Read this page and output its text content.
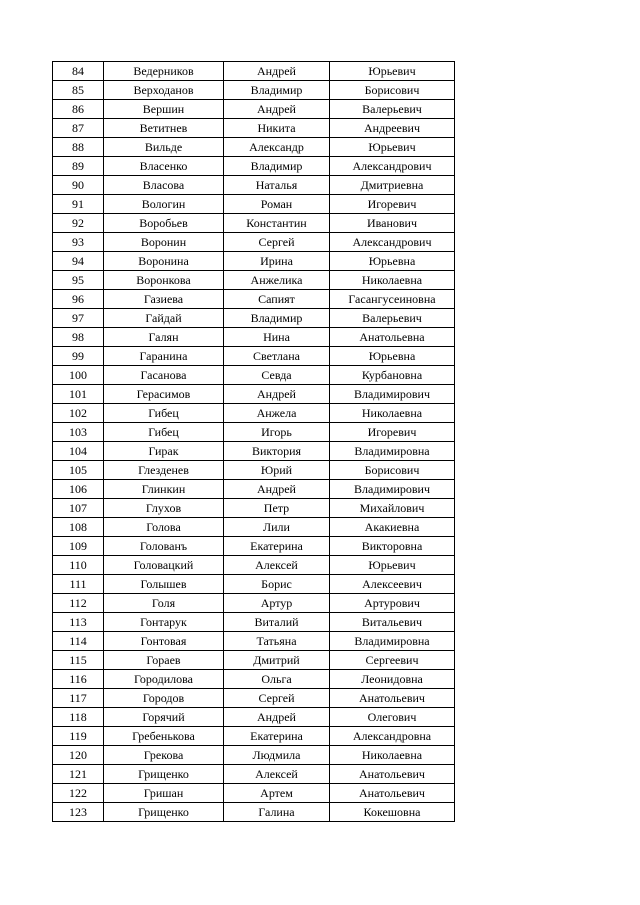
84	Ведерников	Андрей	Юрьевич
85	Верходанов	Владимир	Борисович
86	Вершин	Андрей	Валерьевич
87	Ветитнев	Никита	Андреевич
88	Вильде	Александр	Юрьевич
89	Власенко	Владимир	Александрович
90	Власова	Наталья	Дмитриевна
91	Вологин	Роман	Игоревич
92	Воробьев	Константин	Иванович
93	Воронин	Сергей	Александрович
94	Воронина	Ирина	Юрьевна
95	Воронкова	Анжелика	Николаевна
96	Газиева	Сапият	Гасангусеиновна
97	Гайдай	Владимир	Валерьевич
98	Галян	Нина	Анатольевна
99	Гаранина	Светлана	Юрьевна
100	Гасанова	Севда	Курбановна
101	Герасимов	Андрей	Владимирович
102	Гибец	Анжела	Николаевна
103	Гибец	Игорь	Игоревич
104	Гирак	Виктория	Владимировна
105	Глезденев	Юрий	Борисович
106	Глинкин	Андрей	Владимирович
107	Глухов	Петр	Михайлович
108	Голова	Лили	Акакиевна
109	Голованъ	Екатерина	Викторовна
110	Головацкий	Алексей	Юрьевич
111	Голышев	Борис	Алексеевич
112	Голя	Артур	Артурович
113	Гонтарук	Виталий	Витальевич
114	Гонтовая	Татьяна	Владимировна
115	Гораев	Дмитрий	Сергеевич
116	Городилова	Ольга	Леонидовна
117	Городов	Сергей	Анатольевич
118	Горячий	Андрей	Олегович
119	Гребенькова	Екатерина	Александровна
120	Грекова	Людмила	Николаевна
121	Грищенко	Алексей	Анатольевич
122	Гришан	Артем	Анатольевич
123	Грищенко	Галина	Кокешовна
